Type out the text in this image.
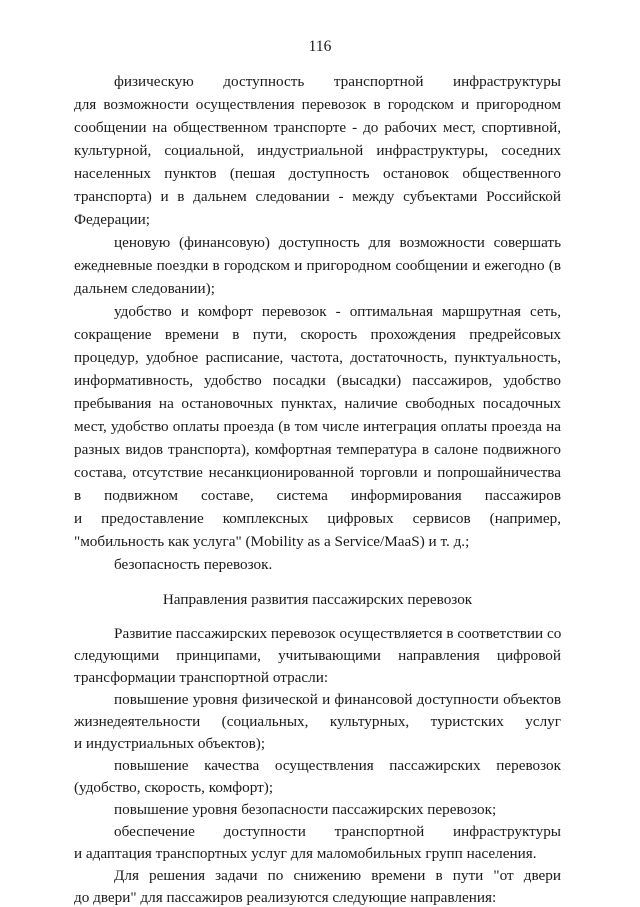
116
физическую доступность транспортной инфраструктуры
для возможности осуществления перевозок в городском и пригородном
сообщении на общественном транспорте - до рабочих мест, спортивной,
культурной, социальной, индустриальной инфраструктуры, соседних
населенных пунктов (пешая доступность остановок общественного
транспорта) и в дальнем следовании - между субъектами Российской
Федерации;
ценовую (финансовую) доступность для возможности совершать
ежедневные поездки в городском и пригородном сообщении и ежегодно (в
дальнем следовании);
удобство и комфорт перевозок - оптимальная маршрутная сеть,
сокращение времени в пути, скорость прохождения предрейсовых
процедур, удобное расписание, частота, достаточность, пунктуальность,
информативность, удобство посадки (высадки) пассажиров, удобство
пребывания на остановочных пунктах, наличие свободных посадочных
мест, удобство оплаты проезда (в том числе интеграция оплаты проезда на
разных видов транспорта), комфортная температура в салоне подвижного
состава, отсутствие несанкционированной торговли и попрошайничества
в подвижном составе, система информирования пассажиров
и предоставление комплексных цифровых сервисов (например,
"мобильность как услуга" (Mobility as a Service/MaaS) и т. д.;
безопасность перевозок.
Направления развития пассажирских перевозок
Развитие пассажирских перевозок осуществляется в соответствии со
следующими принципами, учитывающими направления цифровой
трансформации транспортной отрасли:
повышение уровня физической и финансовой доступности объектов
жизнедеятельности (социальных, культурных, туристских услуг
и индустриальных объектов);
повышение качества осуществления пассажирских перевозок
(удобство, скорость, комфорт);
повышение уровня безопасности пассажирских перевозок;
обеспечение доступности транспортной инфраструктуры
и адаптация транспортных услуг для маломобильных групп населения.
Для решения задачи по снижению времени в пути "от двери
до двери" для пассажиров реализуются следующие направления:
